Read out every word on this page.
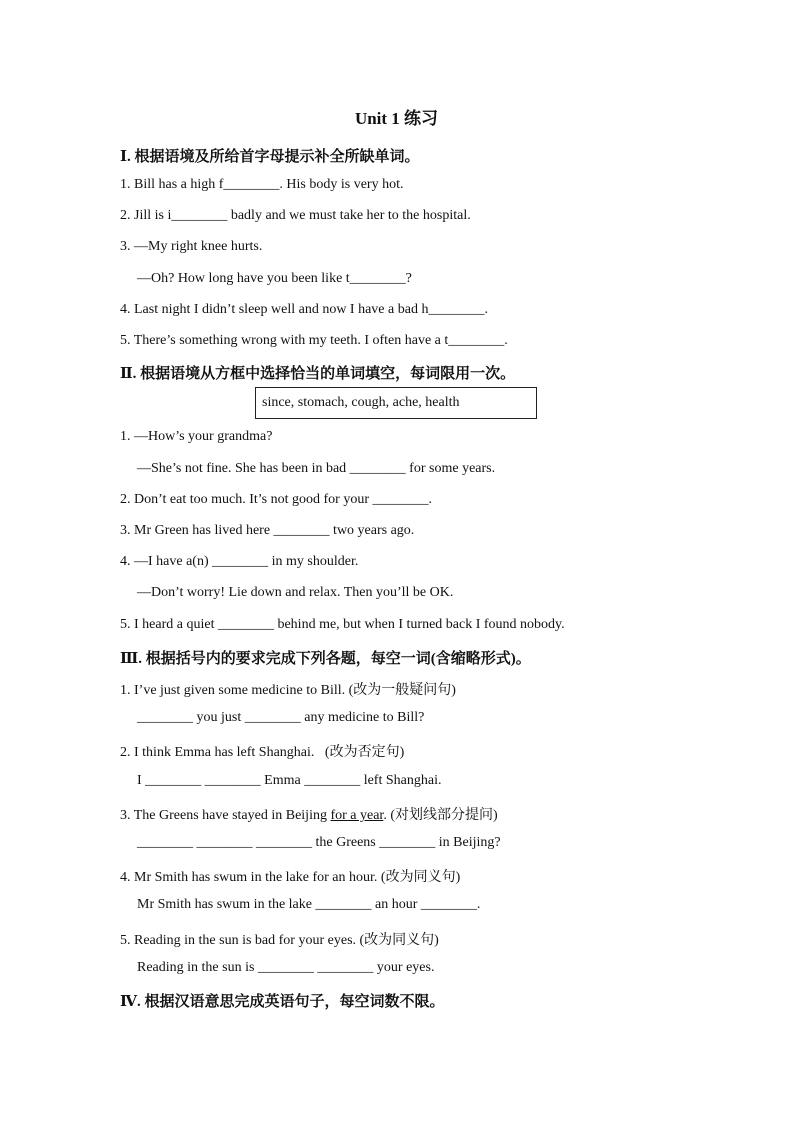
Unit 1 练习
Ⅰ. 根据语境及所给首字母提示补全所缺单词。
1. Bill has a high f________. His body is very hot.
2. Jill is i________ badly and we must take her to the hospital.
3. —My right knee hurts.
—Oh? How long have you been like t________?
4. Last night I didn’t sleep well and now I have a bad h________.
5. There’s something wrong with my teeth. I often have a t________.
Ⅱ. 根据语境从方框中选择恰当的单词填空，每词限用一次。
since, stomach, cough, ache, health
1. —How’s your grandma?
—She’s not fine. She has been in bad ________ for some years.
2. Don’t eat too much. It’s not good for your ________.
3. Mr Green has lived here ________ two years ago.
4. —I have a(n) ________ in my shoulder.
—Don’t worry! Lie down and relax. Then you’ll be OK.
5. I heard a quiet ________ behind me, but when I turned back I found nobody.
Ⅲ. 根据括号内的要求完成下列各题，每空一词(含缩略形式)。
1. I’ve just given some medicine to Bill. (改为一般疑问句)
________ you just ________ any medicine to Bill?
2. I think Emma has left Shanghai.   (改为否定句)
I ________ ________ Emma ________ left Shanghai.
3. The Greens have stayed in Beijing for a year. (对划线部分提问)
________ ________ ________ the Greens ________ in Beijing?
4. Mr Smith has swum in the lake for an hour. (改为同义句)
Mr Smith has swum in the lake ________ an hour ________.
5. Reading in the sun is bad for your eyes. (改为同义句)
Reading in the sun is ________ ________ your eyes.
Ⅳ. 根据汉语意思完成英语句子，每空词数不限。
